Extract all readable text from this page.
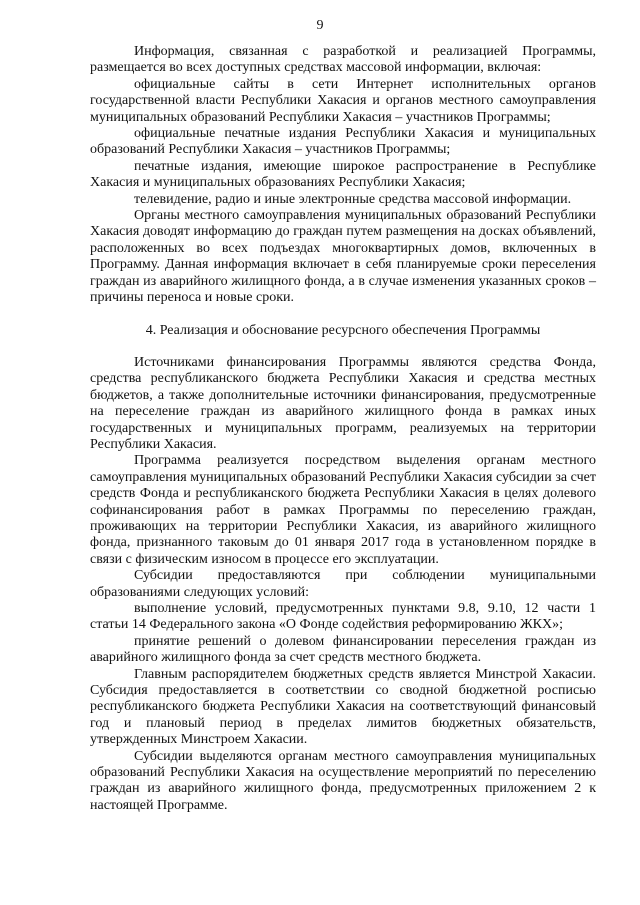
9

Информация, связанная с разработкой и реализацией Программы, размещается во всех доступных средствах массовой информации, включая:

официальные сайты в сети Интернет исполнительных органов государственной власти Республики Хакасия и органов местного самоуправления муниципальных образований Республики Хакасия – участников Программы;

официальные печатные издания Республики Хакасия и муниципальных образований Республики Хакасия – участников Программы;

печатные издания, имеющие широкое распространение в Республике Хакасия и муниципальных образованиях Республики Хакасия;

телевидение, радио и иные электронные средства массовой информации.

Органы местного самоуправления муниципальных образований Республики Хакасия доводят информацию до граждан путем размещения на досках объявлений, расположенных во всех подъездах многоквартирных домов, включенных в Программу. Данная информация включает в себя планируемые сроки переселения граждан из аварийного жилищного фонда, а в случае изменения указанных сроков – причины переноса и новые сроки.

4. Реализация и обоснование ресурсного обеспечения Программы

Источниками финансирования Программы являются средства Фонда, средства республиканского бюджета Республики Хакасия и средства местных бюджетов, а также дополнительные источники финансирования, предусмотренные на переселение граждан из аварийного жилищного фонда в рамках иных государственных и муниципальных программ, реализуемых на территории Республики Хакасия.

Программа реализуется посредством выделения органам местного самоуправления муниципальных образований Республики Хакасия субсидии за счет средств Фонда и республиканского бюджета Республики Хакасия в целях долевого софинансирования работ в рамках Программы по переселению граждан, проживающих на территории Республики Хакасия, из аварийного жилищного фонда, признанного таковым до 01 января 2017 года в установленном порядке в связи с физическим износом в процессе его эксплуатации.

Субсидии предоставляются при соблюдении муниципальными образованиями следующих условий:

выполнение условий, предусмотренных пунктами 9.8, 9.10, 12 части 1 статьи 14 Федерального закона «О Фонде содействия реформированию ЖКХ»;

принятие решений о долевом финансировании переселения граждан из аварийного жилищного фонда за счет средств местного бюджета.

Главным распорядителем бюджетных средств является Минстрой Хакасии. Субсидия предоставляется в соответствии со сводной бюджетной росписью республиканского бюджета Республики Хакасия на соответствующий финансовый год и плановый период в пределах лимитов бюджетных обязательств, утвержденных Минстроем Хакасии.

Субсидии выделяются органам местного самоуправления муниципальных образований Республики Хакасия на осуществление мероприятий по переселению граждан из аварийного жилищного фонда, предусмотренных приложением 2 к настоящей Программе.
